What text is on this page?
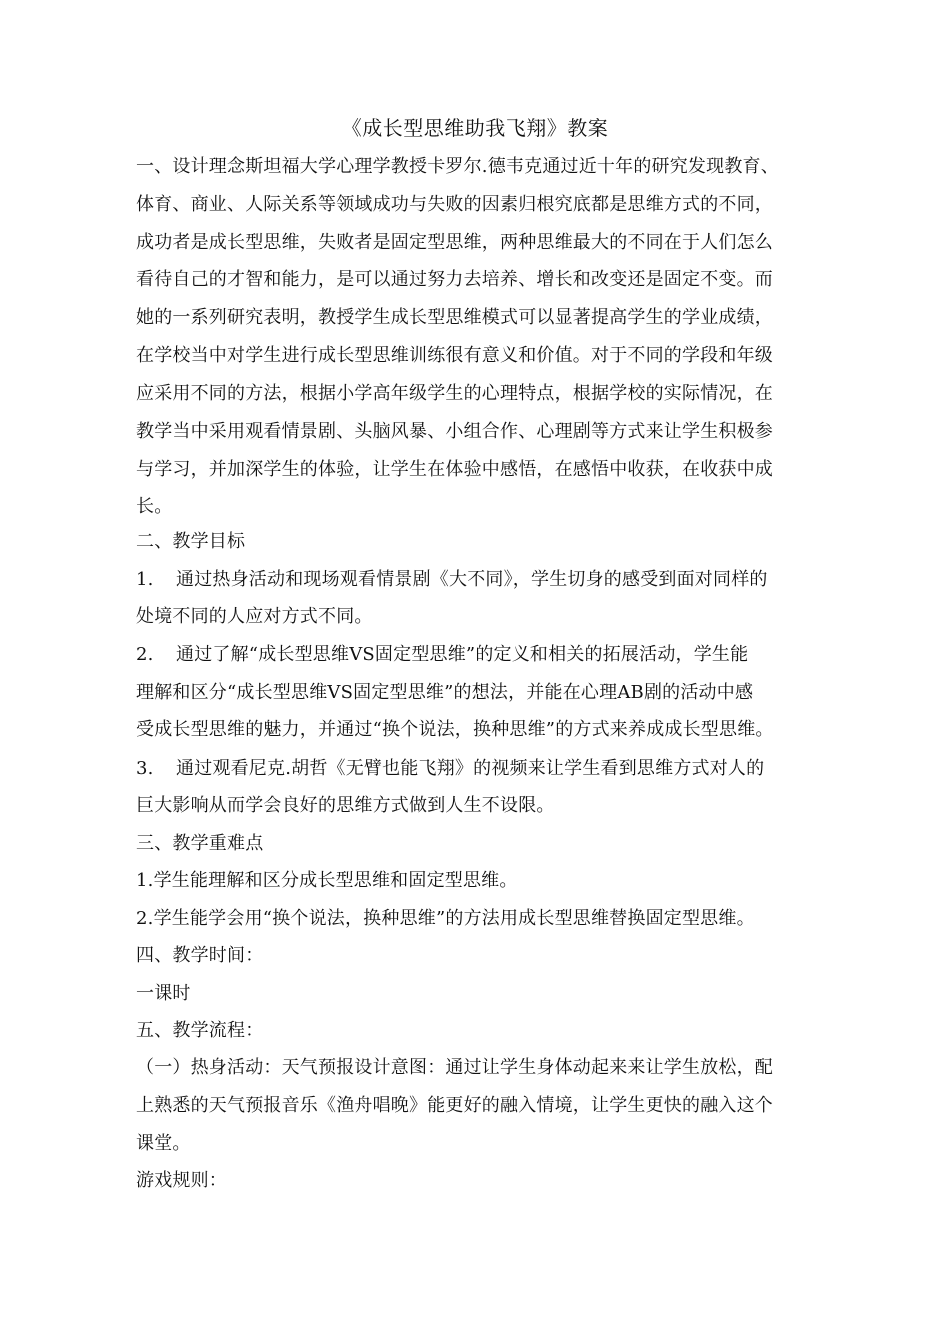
《成长型思维助我飞翔》教案
一、设计理念斯坦福大学心理学教授卡罗尔.德韦克通过近十年的研究发现教育、
体育、商业、人际关系等领域成功与失败的因素归根究底都是思维方式的不同，
成功者是成长型思维，失败者是固定型思维，两种思维最大的不同在于人们怎么
看待自己的才智和能力，是可以通过努力去培养、增长和改变还是固定不变。而
她的一系列研究表明，教授学生成长型思维模式可以显著提高学生的学业成绩，
在学校当中对学生进行成长型思维训练很有意义和价值。对于不同的学段和年级
应采用不同的方法，根据小学高年级学生的心理特点，根据学校的实际情况，在
教学当中采用观看情景剧、头脑风暴、小组合作、心理剧等方式来让学生积极参
与学习，并加深学生的体验，让学生在体验中感悟，在感悟中收获，在收获中成
长。
二、教学目标
1. 通过热身活动和现场观看情景剧《大不同》，学生切身的感受到面对同样的
处境不同的人应对方式不同。
2. 通过了解“成长型思维VS固定型思维”的定义和相关的拓展活动，学生能
理解和区分“成长型思维VS固定型思维”的想法，并能在心理AB剧的活动中感
受成长型思维的魅力，并通过“换个说法，换种思维”的方式来养成成长型思维。
3. 通过观看尼克.胡哲《无臂也能飞翔》的视频来让学生看到思维方式对人的
巨大影响从而学会良好的思维方式做到人生不设限。
三、教学重难点
1.学生能理解和区分成长型思维和固定型思维。
2.学生能学会用“换个说法，换种思维”的方法用成长型思维替换固定型思维。
四、教学时间：
一课时
五、教学流程：
（一）热身活动：天气预报设计意图：通过让学生身体动起来来让学生放松，配
上熟悉的天气预报音乐《渔舟唱晚》能更好的融入情境，让学生更快的融入这个
课堂。
游戏规则：
